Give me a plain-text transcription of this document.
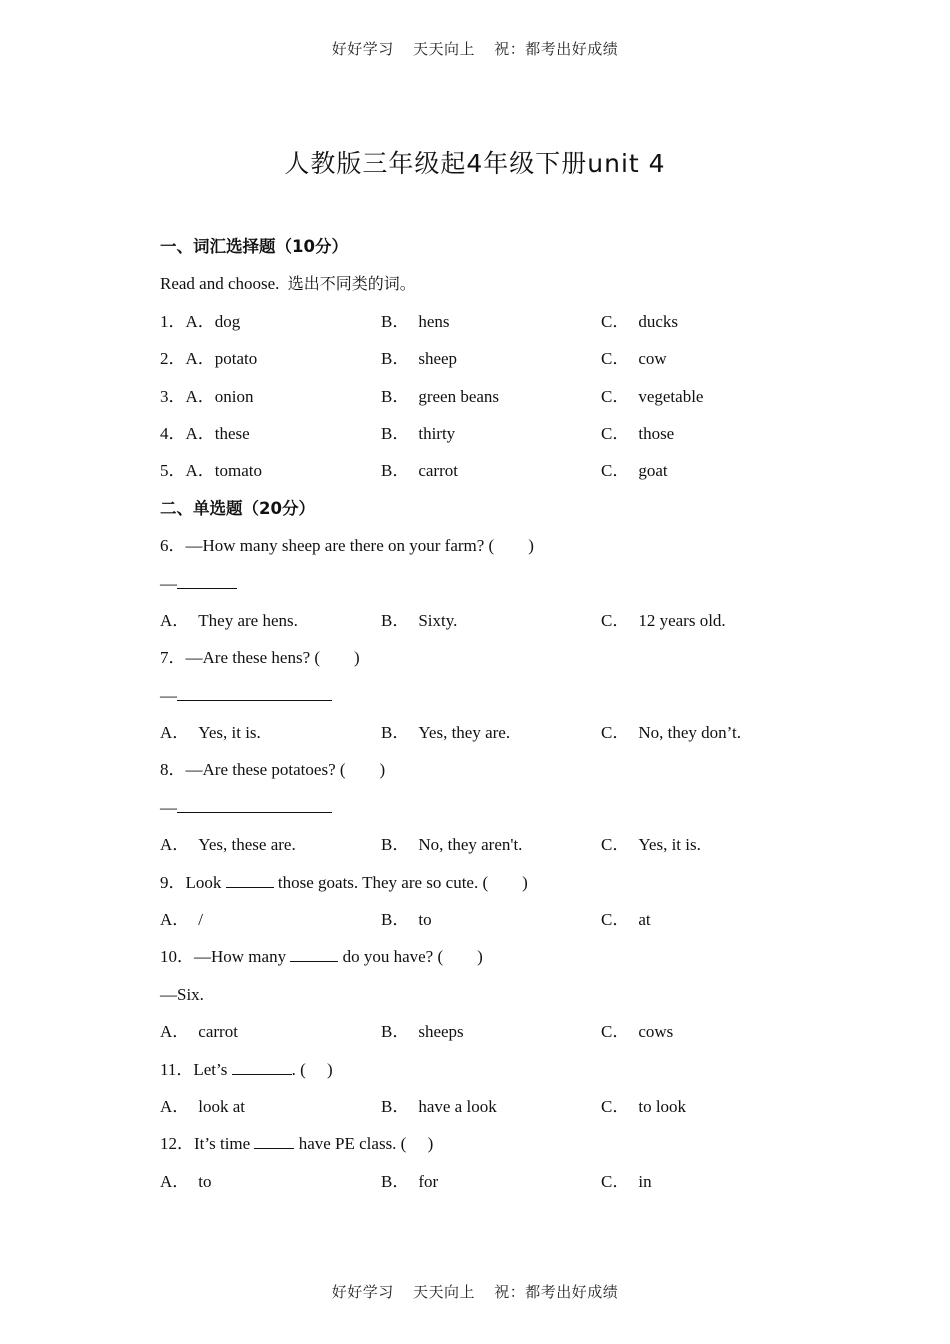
好好学习 天天向上 祝：都考出好成绩
人教版三年级起4年级下册unit 4
一、词汇选择题（10分）
Read and choose. 选出不同类的词。
1．A．dog	B． hens	C． ducks
2．A．potato	B． sheep	C． cow
3．A．onion	B． green beans	C． vegetable
4．A．these	B． thirty	C． those
5．A．tomato	B． carrot	C． goat
二、单选题（20分）
6．—How many sheep are there on your farm? (　　)
—
A． They are hens.	B． Sixty.	C． 12 years old.
7．—Are these hens? (　　)
—
A． Yes, it is.	B． Yes, they are.	C． No, they don’t.
8．—Are these potatoes? (　　)
—
A． Yes, these are.	B． No, they aren't.	C． Yes, it is.
9．Look	those goats. They are so cute. (　　)
A． /	B． to	C． at
10．—How many	do you have? (　　)
—Six.
A． carrot	B． sheeps	C． cows
11．Let’s	. (　 )
A． look at	B． have a look	C． to look
12．It’s time	have PE class. (　 )
A． to	B． for	C． in
好好学习 天天向上 祝：都考出好成绩
